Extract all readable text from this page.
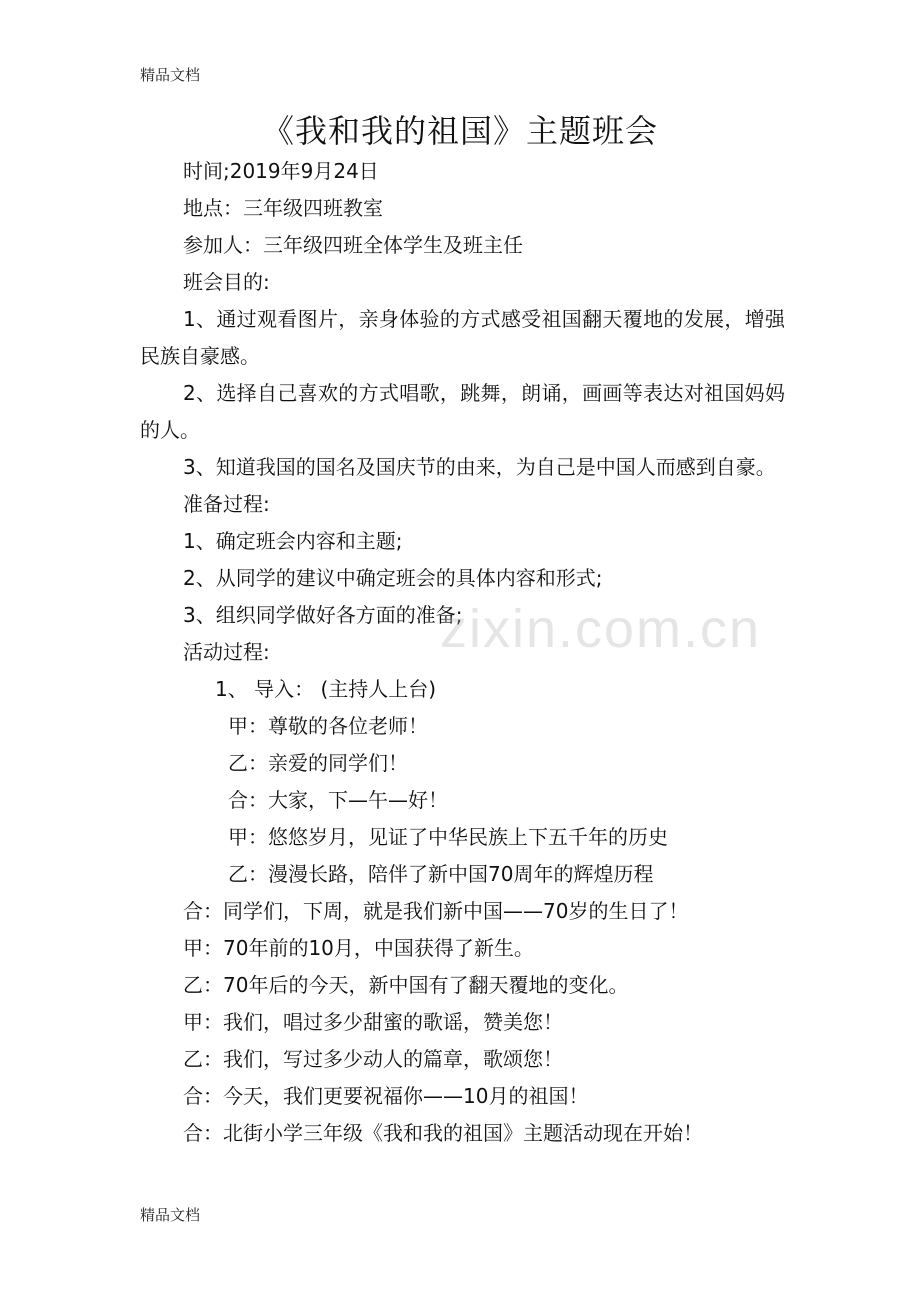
精品文档
《我和我的祖国》主题班会
时间;2019年9月24日
地点：三年级四班教室
参加人：三年级四班全体学生及班主任
班会目的:
1、通过观看图片，亲身体验的方式感受祖国翻天覆地的发展，增强民族自豪感。
2、选择自己喜欢的方式唱歌，跳舞，朗诵，画画等表达对祖国妈妈的人。
3、知道我国的国名及国庆节的由来，为自己是中国人而感到自豪。
准备过程:
1、确定班会内容和主题;
2、从同学的建议中确定班会的具体内容和形式;
3、组织同学做好各方面的准备;
活动过程:
1、 导入： (主持人上台)
甲：尊敬的各位老师！
乙：亲爱的同学们！
合：大家，下—午—好！
甲：悠悠岁月，见证了中华民族上下五千年的历史
乙：漫漫长路，陪伴了新中国70周年的辉煌历程
合：同学们，下周，就是我们新中国——70岁的生日了！
甲：70年前的10月，中国获得了新生。
乙：70年后的今天，新中国有了翻天覆地的变化。
甲：我们，唱过多少甜蜜的歌谣，赞美您！
乙：我们，写过多少动人的篇章，歌颂您！
合：今天，我们更要祝福你——10月的祖国！
合：北街小学三年级《我和我的祖国》主题活动现在开始！
zixin.com.cn
精品文档
